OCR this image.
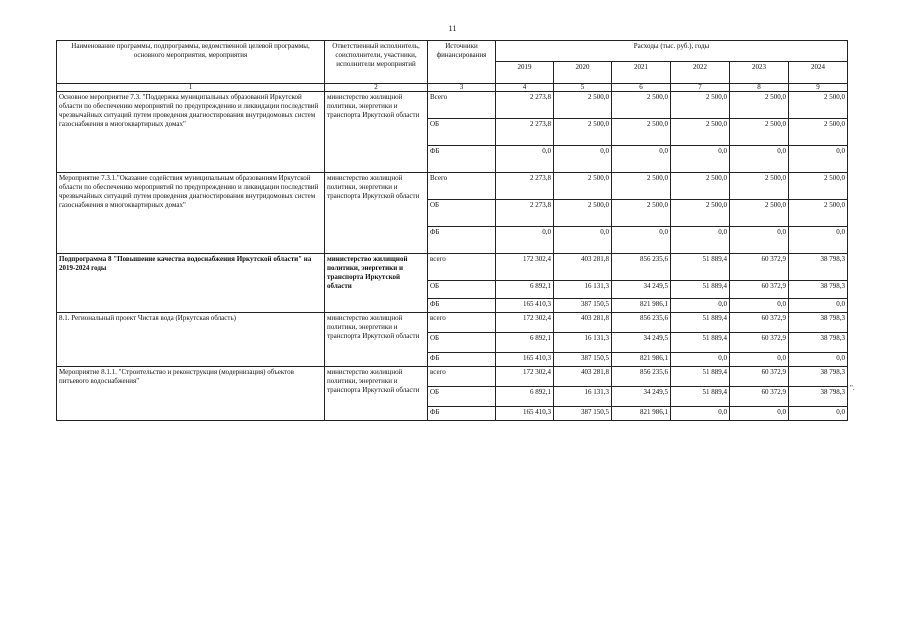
11
Наименование программы, подпрограммы, ведомственной целевой программы, основного мероприятия, мероприятия	Ответственный исполнитель, соисполнители, участники, исполнители мероприятий	Источники финансирования	Расходы (тыс. руб.), годы					
			2019	2020	2021	2022	2023	2024
1	2	3	4	5	6	7	8	9
Основное мероприятие 7.3. "Поддержка муниципальных образований Иркутской области по обеспечению мероприятий по предупреждению и ликвидации последствий чрезвычайных ситуаций путем проведения диагностирования внутридомовых систем газоснабжения в многоквартирных домах"	министерство жилищной политики, энергетики и транспорта Иркутской области	Всего	2 273,8	2 500,0	2 500,0	2 500,0	2 500,0	2 500,0
		ОБ	2 273,8	2 500,0	2 500,0	2 500,0	2 500,0	2 500,0
		ФБ	0,0	0,0	0,0	0,0	0,0	0,0
Мероприятие 7.3.1."Оказание содействия муниципальным образованиям Иркутской области по обеспечению мероприятий по предупреждению и ликвидации последствий чрезвычайных ситуаций путем проведения диагностирования внутридомовых систем газоснабжения в многоквартирных домах"	министерство жилищной политики, энергетики и транспорта Иркутской области	Всего	2 273,8	2 500,0	2 500,0	2 500,0	2 500,0	2 500,0
		ОБ	2 273,8	2 500,0	2 500,0	2 500,0	2 500,0	2 500,0
		ФБ	0,0	0,0	0,0	0,0	0,0	0,0
Подпрограмма 8 "Повышение качества водоснабжения Иркутской области" на 2019-2024 годы	министерство жилищной политики, энергетики и транспорта Иркутской области	всего	172 302,4	403 281,8	856 235,6	51 889,4	60 372,9	38 798,3
		ОБ	6 892,1	16 131,3	34 249,5	51 889,4	60 372,9	38 798,3
		ФБ	165 410,3	387 150,5	821 986,1	0,0	0,0	0,0
8.1. Региональный проект Чистая вода (Иркутская область)	министерство жилищной политики, энергетики и транспорта Иркутской области	всего	172 302,4	403 281,8	856 235,6	51 889,4	60 372,9	38 798,3
		ОБ	6 892,1	16 131,3	34 249,5	51 889,4	60 372,9	38 798,3
		ФБ	165 410,3	387 150,5	821 986,1	0,0	0,0	0,0
Мероприятие 8.1.1. "Строительство и реконструкция (модернизация) объектов питьевого водоснабжения"	министерство жилищной политики, энергетики и транспорта Иркутской области	всего	172 302,4	403 281,8	856 235,6	51 889,4	60 372,9	38 798,3
		ОБ	6 892,1	16 131,3	34 249,5	51 889,4	60 372,9	38 798,3
		ФБ	165 410,3	387 150,5	821 986,1	0,0	0,0	0,0
".
